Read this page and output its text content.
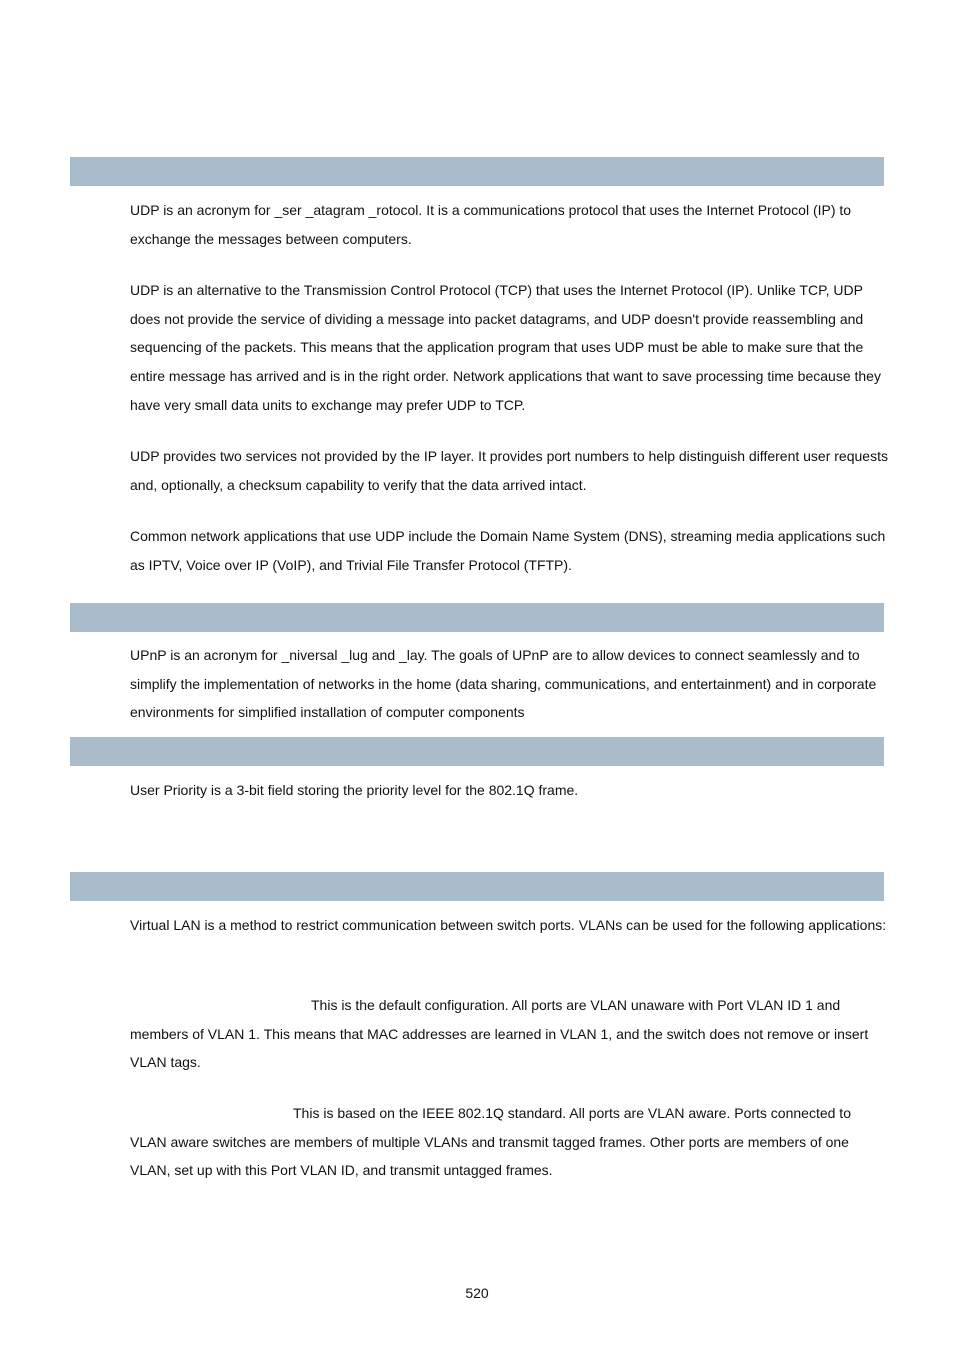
UDP is an acronym for _ser _atagram _rotocol. It is a communications protocol that uses the Internet Protocol (IP) to exchange the messages between computers.

UDP is an alternative to the Transmission Control Protocol (TCP) that uses the Internet Protocol (IP). Unlike TCP, UDP does not provide the service of dividing a message into packet datagrams, and UDP doesn't provide reassembling and sequencing of the packets. This means that the application program that uses UDP must be able to make sure that the entire message has arrived and is in the right order. Network applications that want to save processing time because they have very small data units to exchange may prefer UDP to TCP.

UDP provides two services not provided by the IP layer. It provides port numbers to help distinguish different user requests and, optionally, a checksum capability to verify that the data arrived intact.

Common network applications that use UDP include the Domain Name System (DNS), streaming media applications such as IPTV, Voice over IP (VoIP), and Trivial File Transfer Protocol (TFTP).

UPnP is an acronym for _niversal _lug and _lay. The goals of UPnP are to allow devices to connect seamlessly and to simplify the implementation of networks in the home (data sharing, communications, and entertainment) and in corporate environments for simplified installation of computer components

User Priority is a 3-bit field storing the priority level for the 802.1Q frame.

Virtual LAN is a method to restrict communication between switch ports. VLANs can be used for the following applications:

This is the default configuration. All ports are VLAN unaware with Port VLAN ID 1 and members of VLAN 1. This means that MAC addresses are learned in VLAN 1, and the switch does not remove or insert VLAN tags.

This is based on the IEEE 802.1Q standard. All ports are VLAN aware. Ports connected to VLAN aware switches are members of multiple VLANs and transmit tagged frames. Other ports are members of one VLAN, set up with this Port VLAN ID, and transmit untagged frames.

520
